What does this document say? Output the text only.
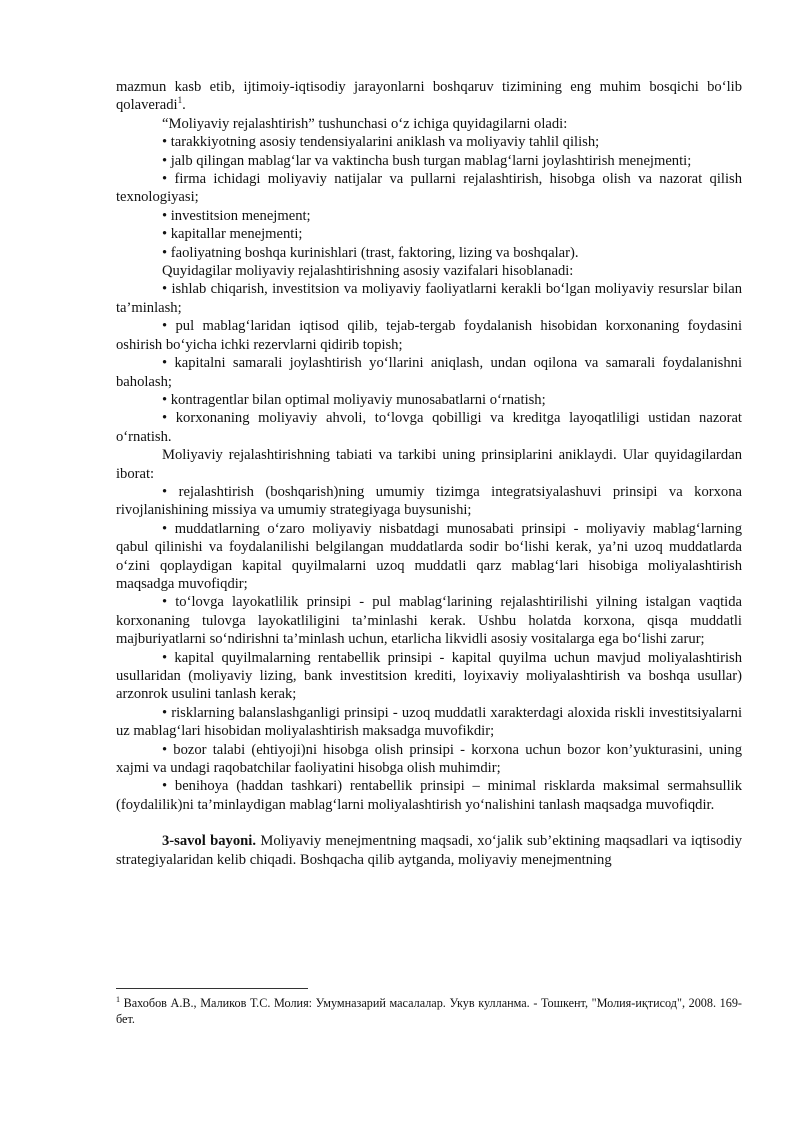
mazmun kasb etib, ijtimoiy-iqtisodiy jarayonlarni boshqaruv tizimining eng muhim bosqichi bo‘lib qolaveradi$^1$.

“Moliyaviy rejalashtirish” tushunchasi o‘z ichiga quyidagilarni oladi:

• tarakkiyotning asosiy tendensiyalarini aniklash va moliyaviy tahlil qilish;

• jalb qilingan mablag‘lar va vaktincha bush turgan mablag‘larni joylashtirish menejmenti;

• firma ichidagi moliyaviy natijalar va pullarni rejalashtirish, hisobga olish va nazorat qilish texnologiyasi;

• investitsion menejment;

• kapitallar menejmenti;

• faoliyatning boshqa kurinishlari (trast, faktoring, lizing va boshqalar).

Quyidagilar moliyaviy rejalashtirishning asosiy vazifalari hisoblanadi:

• ishlab chiqarish, investitsion va moliyaviy faoliyatlarni kerakli bo‘lgan moliyaviy resurslar bilan ta’minlash;

• pul mablag‘laridan iqtisod qilib, tejab-tergab foydalanish hisobidan korxonaning foydasini oshirish bo‘yicha ichki rezervlarni qidirib topish;

• kapitalni samarali joylashtirish yo‘llarini aniqlash, undan oqilona va samarali foydalanishni baholash;

• kontragentlar bilan optimal moliyaviy munosabatlarni o‘rnatish;

• korxonaning moliyaviy ahvoli, to‘lovga qobilligi va kreditga layoqatliligi ustidan nazorat o‘rnatish.

Moliyaviy rejalashtirishning tabiati va tarkibi uning prinsiplarini aniklaydi. Ular quyidagilardan iborat:

• rejalashtirish (boshqarish)ning umumiy tizimga integratsiyalashuvi prinsipi va korxona rivojlanishining missiya va umumiy strategiyaga buysunishi;

• muddatlarning o‘zaro moliyaviy nisbatdagi munosabati prinsipi - moliyaviy mablag‘larning qabul qilinishi va foydalanilishi belgilangan muddatlarda sodir bo‘lishi kerak, ya’ni uzoq muddatlarda o‘zini qoplaydigan kapital quyilmalarni uzoq muddatli qarz mablag‘lari hisobiga moliyalashtirish maqsadga muvofiqdir;

• to‘lovga layokatlilik prinsipi - pul mablag‘larining rejalashtirilishi yilning istalgan vaqtida korxonaning tulovga layokatliligini ta’minlashi kerak. Ushbu holatda korxona, qisqa muddatli majburiyatlarni so‘ndirishni ta’minlash uchun, etarlicha likvidli asosiy vositalarga ega bo‘lishi zarur;

• kapital quyilmalarning rentabellik prinsipi - kapital quyilma uchun mavjud moliyalashtirish usullaridan (moliyaviy lizing, bank investitsion krediti, loyixaviy moliyalashtirish va boshqa usullar) arzonrok usulini tanlash kerak;

• risklarning balanslashganligi prinsipi - uzoq muddatli xarakterdagi aloxida riskli investitsiyalarni uz mablag‘lari hisobidan moliyalashtirish maksadga muvofikdir;

• bozor talabi (ehtiyoji)ni hisobga olish prinsipi - korxona uchun bozor kon’yukturasini, uning xajmi va undagi raqobatchilar faoliyatini hisobga olish muhimdir;

• benihoya (haddan tashkari) rentabellik prinsipi – minimal risklarda maksimal sermahsullik (foydalilik)ni ta’minlaydigan mablag‘larni moliyalashtirish yo‘nalishini tanlash maqsadga muvofiqdir.

3-savol bayoni. Moliyaviy menejmentning maqsadi, xo‘jalik sub’ektining maqsadlari va iqtisodiy strategiyalaridan kelib chiqadi. Boshqacha qilib aytganda, moliyaviy menejmentning

$^1$ Вахобов А.В., Маликов Т.С. Молия: Умумназарий масалалар. Укув кулланма. - Тошкент, "Молия-иқтисод", 2008. 169-бет.
